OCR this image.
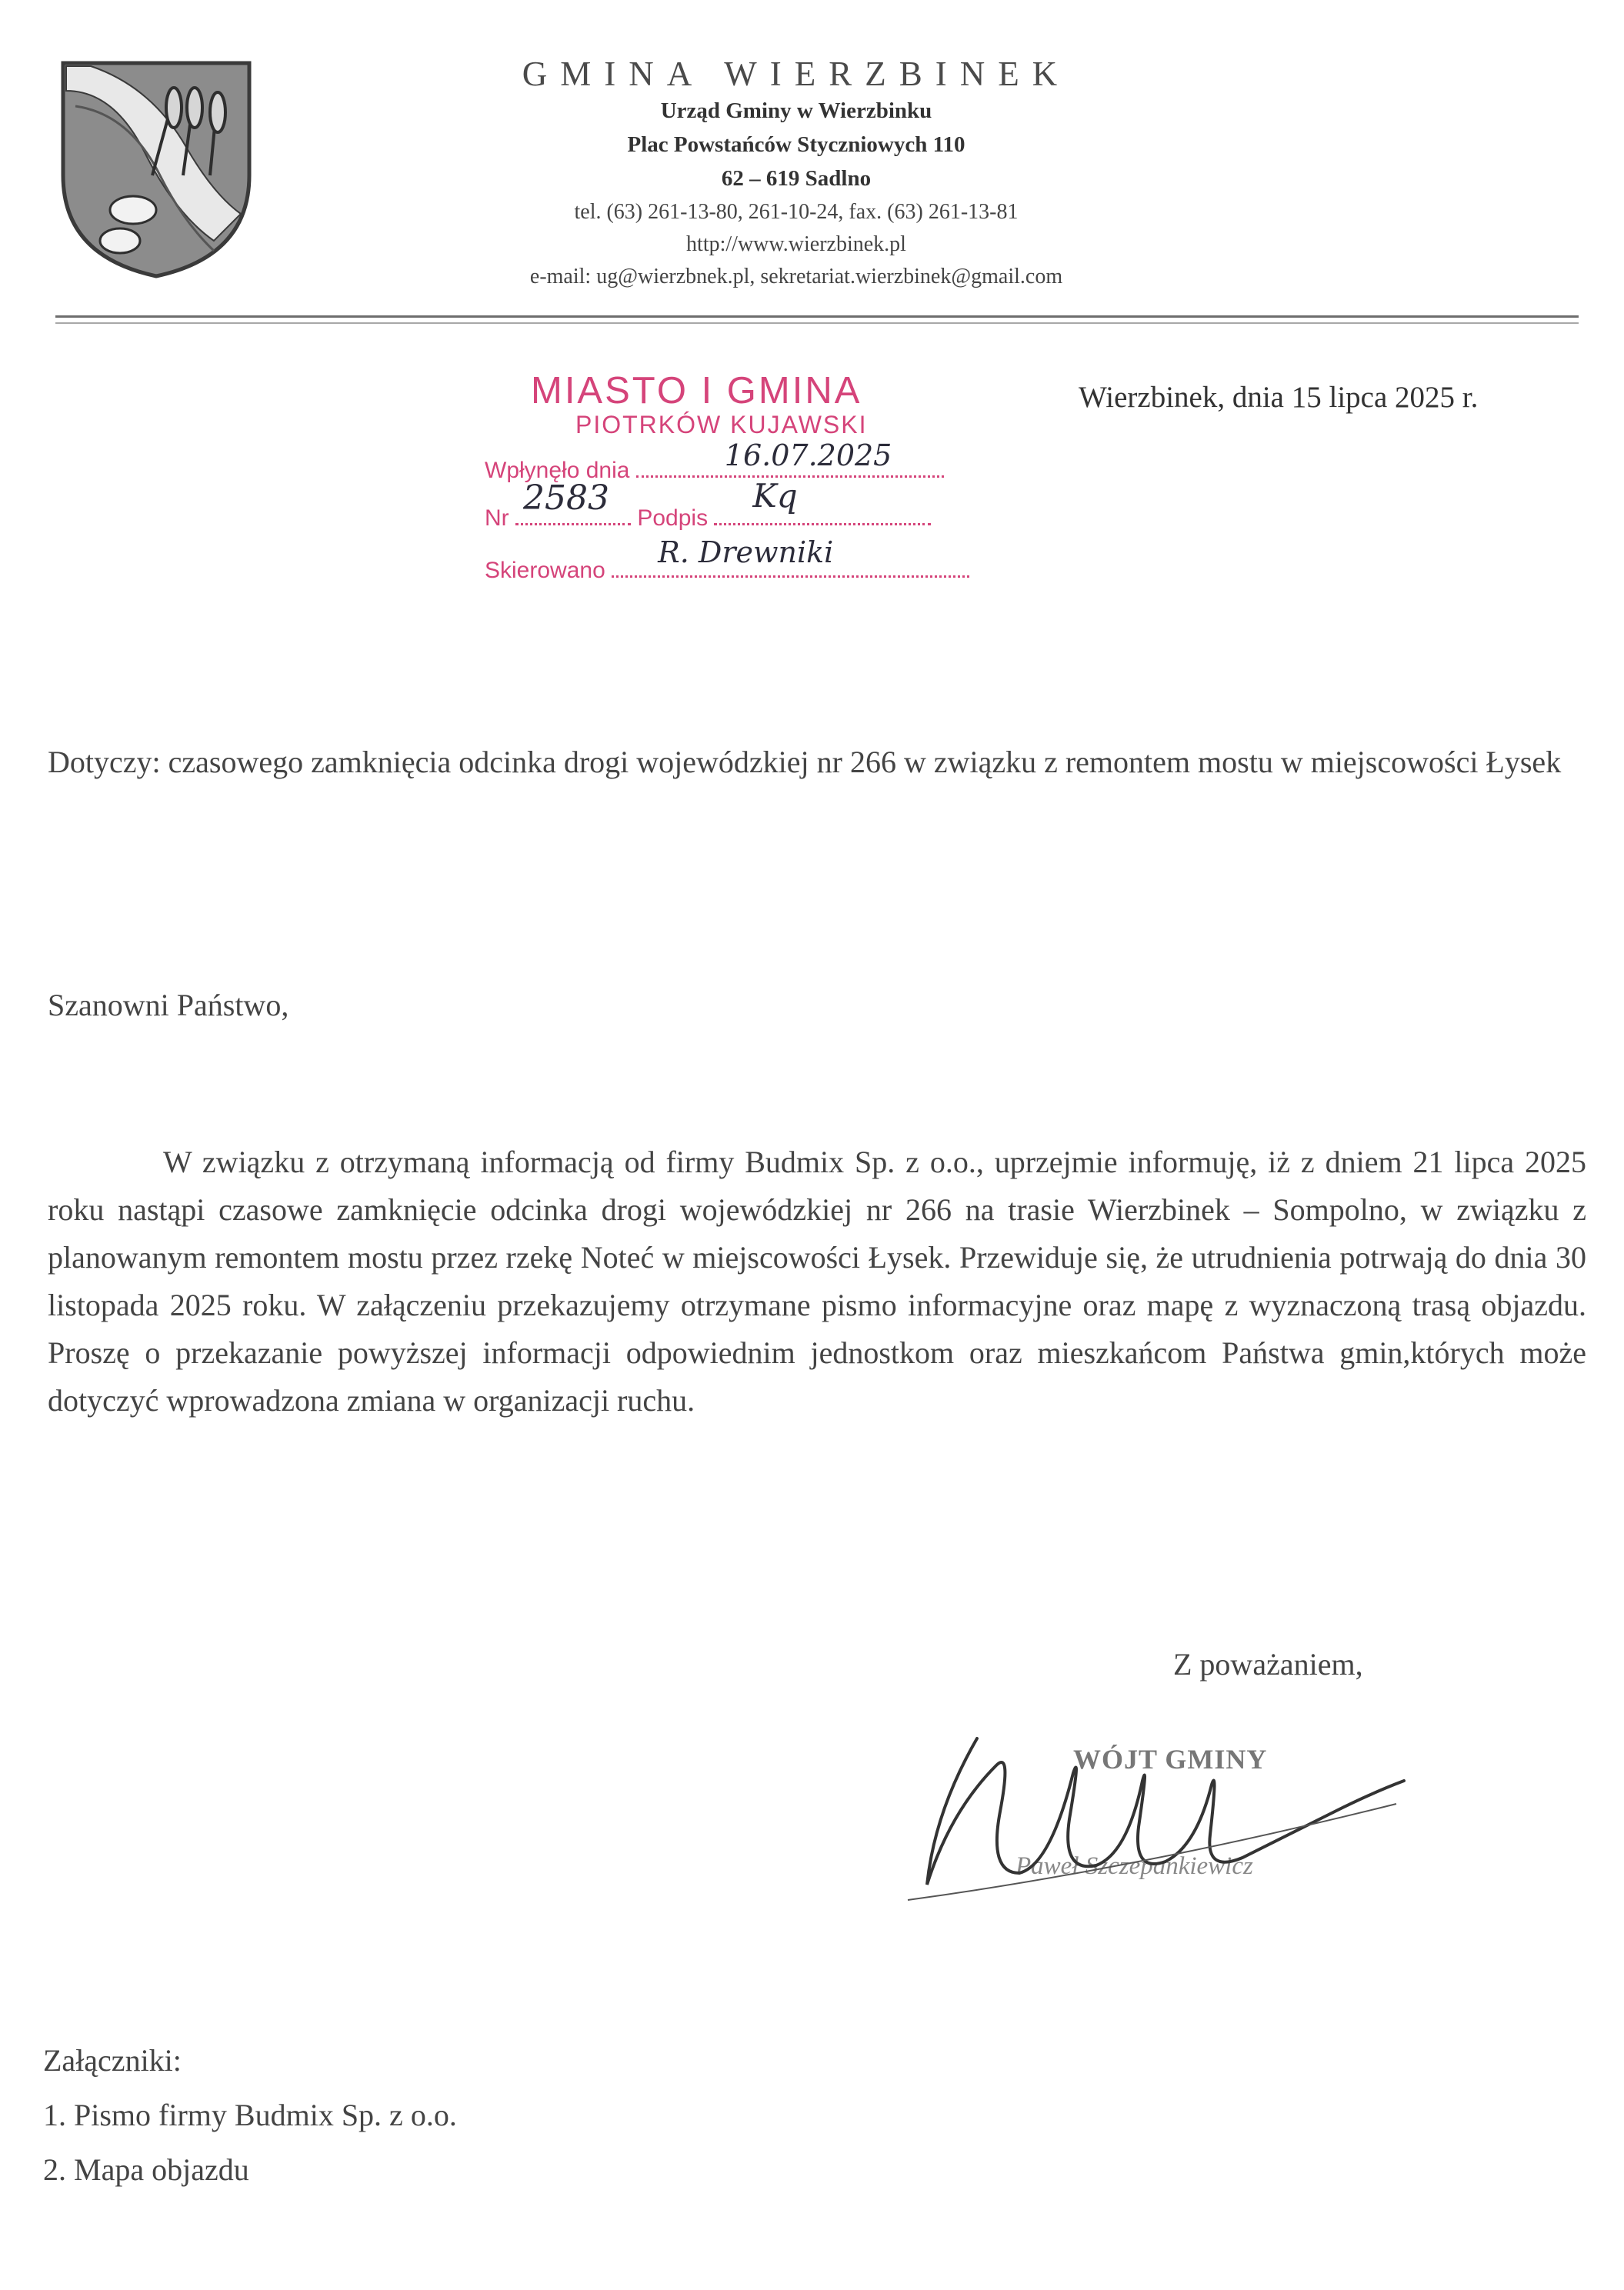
GMINA WIERZBINEK
Urząd Gminy w Wierzbinku
Plac Powstańców Styczniowych 110
62 – 619 Sadlno
tel. (63) 261-13-80, 261-10-24, fax. (63) 261-13-81
http://www.wierzbinek.pl
e-mail: ug@wierzbnek.pl, sekretariat.wierzbinek@gmail.com
MIASTO I GMINA
PIOTRKÓW KUJAWSKI
Wpłynęło dnia	16.07.2025
Nr
2583
Podpis
Kq
Skierowano
R. Drewniki
Wierzbinek, dnia 15 lipca 2025 r.
Dotyczy: czasowego zamknięcia odcinka drogi wojewódzkiej nr 266 w związku z remontem mostu w miejscowości Łysek
Szanowni Państwo,
W związku z otrzymaną informacją od firmy Budmix Sp. z o.o., uprzejmie informuję, iż z dniem 21 lipca 2025 roku nastąpi czasowe zamknięcie odcinka drogi wojewódzkiej nr 266 na trasie Wierzbinek – Sompolno, w związku z planowanym remontem mostu przez rzekę Noteć w miejscowości Łysek. Przewiduje się, że utrudnienia potrwają do dnia 30 listopada 2025 roku. W załączeniu przekazujemy otrzymane pismo informacyjne oraz mapę z wyznaczoną trasą objazdu. Proszę o przekazanie powyższej informacji odpowiednim jednostkom oraz mieszkańcom Państwa gmin,których może dotyczyć wprowadzona zmiana w organizacji ruchu.
Z poważaniem,
WÓJT GMINY
Paweł Szczepankiewicz
Załączniki:
1. Pismo firmy Budmix Sp. z o.o.
2. Mapa objazdu
